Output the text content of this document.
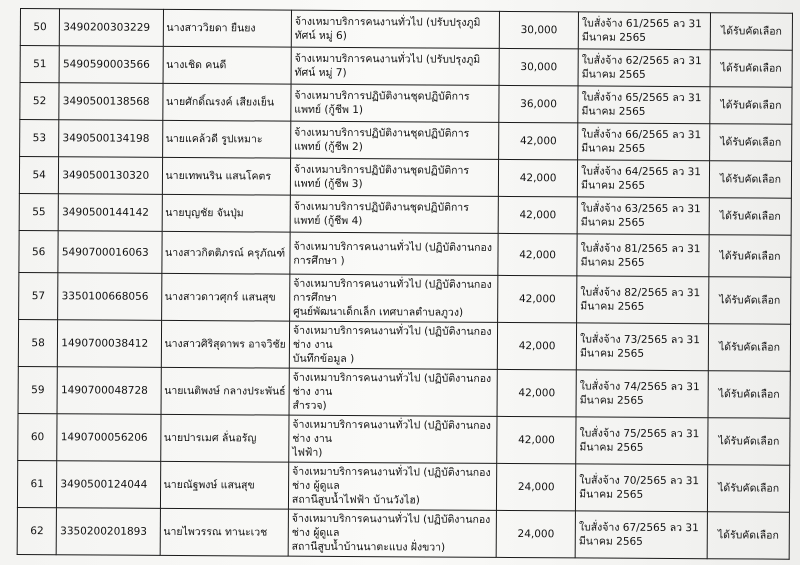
50	3490200303229	นางสาววิยดา ยืนยง	จ้างเหมาบริการคนงานทั่วไป (ปรับปรุงภูมิทัศน์ หมู่ 6)	30,000	ใบสั่งจ้าง 61/2565 ลว 31
มีนาคม 2565	ได้รับคัดเลือก
51	5490590003566	นางเชิด คนดี	จ้างเหมาบริการคนงานทั่วไป (ปรับปรุงภูมิทัศน์ หมู่ 7)	30,000	ใบสั่งจ้าง 62/2565 ลว 31
มีนาคม 2565	ได้รับคัดเลือก
52	3490500138568	นายศักดิ์ณรงค์ เสียงเย็น	จ้างเหมาบริการปฏิบัติงานชุดปฏิบัติการแพทย์ (กู้ชีพ 1)	36,000	ใบสั่งจ้าง 65/2565 ลว 31
มีนาคม 2565	ได้รับคัดเลือก
53	3490500134198	นายแคล้วดี รูปเหมาะ	จ้างเหมาบริการปฏิบัติงานชุดปฏิบัติการแพทย์ (กู้ชีพ 2)	42,000	ใบสั่งจ้าง 66/2565 ลว 31
มีนาคม 2565	ได้รับคัดเลือก
54	3490500130320	นายเทพนริน แสนโคตร	จ้างเหมาบริการปฏิบัติงานชุดปฏิบัติการแพทย์ (กู้ชีพ 3)	42,000	ใบสั่งจ้าง 64/2565 ลว 31
มีนาคม 2565	ได้รับคัดเลือก
55	3490500144142	นายบุญชัย จันปุ่ม	จ้างเหมาบริการปฏิบัติงานชุดปฏิบัติการแพทย์ (กู้ชีพ 4)	42,000	ใบสั่งจ้าง 63/2565 ลว 31
มีนาคม 2565	ได้รับคัดเลือก
56	5490700016063	นางสาวกิตติภรณ์ ครุภัณฑ์	จ้างเหมาบริการคนงานทั่วไป (ปฏิบัติงานกองการศึกษา )	42,000	ใบสั่งจ้าง 81/2565 ลว 31
มีนาคม 2565	ได้รับคัดเลือก
57	3350100668056	นางสาวดาวศุกร์ แสนสุข	จ้างเหมาบริการคนงานทั่วไป (ปฏิบัติงานกองการศึกษา
ศูนย์พัฒนาเด็กเล็ก เทศบาลตำบลภูวง)	42,000	ใบสั่งจ้าง 82/2565 ลว 31
มีนาคม 2565	ได้รับคัดเลือก
58	1490700038412	นางสาวศิริสุดาพร อาจวิชัย	จ้างเหมาบริการคนงานทั่วไป (ปฏิบัติงานกองช่าง งาน
บันทึกข้อมูล )	42,000	ใบสั่งจ้าง 73/2565 ลว 31
มีนาคม 2565	ได้รับคัดเลือก
59	1490700048728	นายเนติพงษ์ กลางประพันธ์	จ้างเหมาบริการคนงานทั่วไป (ปฏิบัติงานกองช่าง งาน
สำรวจ)	42,000	ใบสั่งจ้าง 74/2565 ลว 31
มีนาคม 2565	ได้รับคัดเลือก
60	1490700056206	นายปารเมศ ลั่นอรัญ	จ้างเหมาบริการคนงานทั่วไป (ปฏิบัติงานกองช่าง งาน
ไฟฟ้า)	42,000	ใบสั่งจ้าง 75/2565 ลว 31
มีนาคม 2565	ได้รับคัดเลือก
61	3490500124044	นายณัฐพงษ์ แสนสุข	จ้างเหมาบริการคนงานทั่วไป (ปฏิบัติงานกองช่าง ผู้ดูแล
สถานีสูบน้ำไฟฟ้า บ้านวังไฮ)	24,000	ใบสั่งจ้าง 70/2565 ลว 31
มีนาคม 2565	ได้รับคัดเลือก
62	3350200201893	นายไพวรรณ ทานะเวช	จ้างเหมาบริการคนงานทั่วไป (ปฏิบัติงานกองช่าง ผู้ดูแล
สถานีสูบน้ำบ้านนาตะแบง ฝั่งขวา)	24,000	ใบสั่งจ้าง 67/2565 ลว 31
มีนาคม 2565	ได้รับคัดเลือก
